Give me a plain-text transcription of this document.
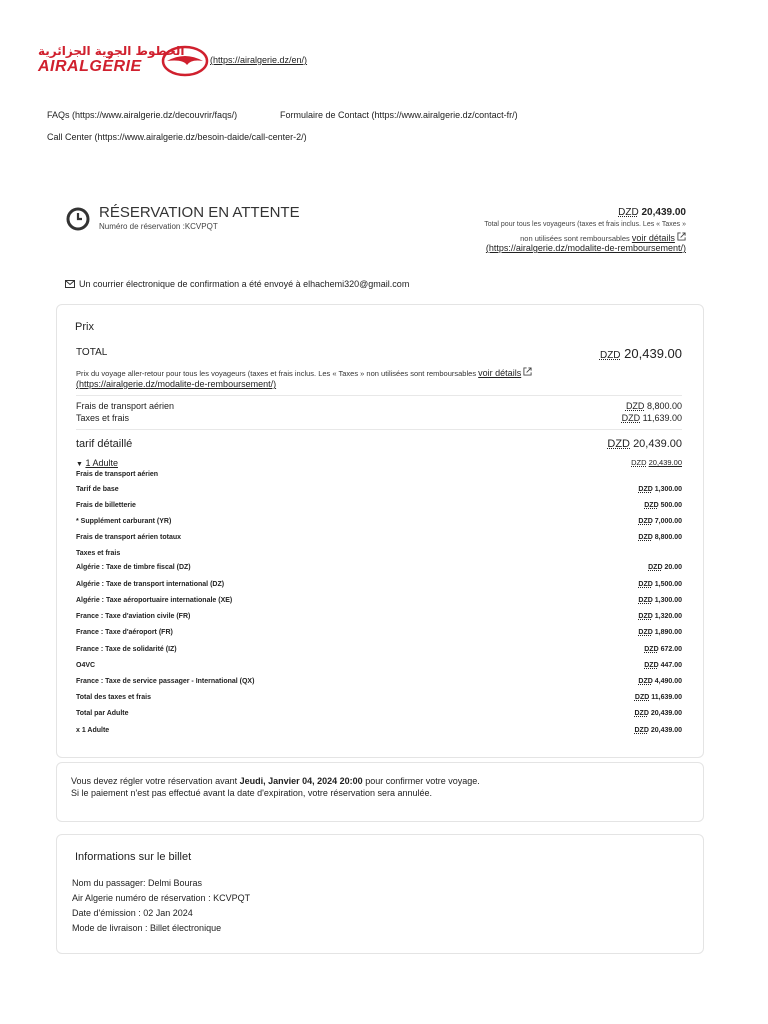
الخطوط الجوية الجزائرية
AIRALGÉRIE	(https://airalgerie.dz/en/)
FAQs (https://www.airalgerie.dz/decouvrir/faqs/)	Formulaire de Contact (https://www.airalgerie.dz/contact-fr/)
Call Center (https://www.airalgerie.dz/besoin-daide/call-center-2/)
RÉSERVATION EN ATTENTE
Numéro de réservation :KCVPQT
DZD 20,439.00
Total pour tous les voyageurs (taxes et frais inclus. Les « Taxes »
non utilisées sont remboursables voir détails
(https://airalgerie.dz/modalite-de-remboursement/)
Un courrier électronique de confirmation a été envoyé à elhachemi320@gmail.com
Prix
TOTAL	DZD 20,439.00
Prix du voyage aller-retour pour tous les voyageurs (taxes et frais inclus. Les « Taxes » non utilisées sont remboursables voir détails
(https://airalgerie.dz/modalite-de-remboursement/)
Frais de transport aérien	DZD 8,800.00
Taxes et frais	DZD 11,639.00
tarif détaillé	DZD 20,439.00
▼ 1 Adulte	DZD 20,439.00
Frais de transport aérien
Tarif de base	DZD 1,300.00
Frais de billetterie	DZD 500.00
* Supplément carburant (YR)	DZD 7,000.00
Frais de transport aérien totaux	DZD 8,800.00
Taxes et frais
Algérie : Taxe de timbre fiscal (DZ)	DZD 20.00
Algérie : Taxe de transport international (DZ)	DZD 1,500.00
Algérie : Taxe aéroportuaire internationale (XE)	DZD 1,300.00
France : Taxe d'aviation civile (FR)	DZD 1,320.00
France : Taxe d'aéroport (FR)	DZD 1,890.00
France : Taxe de solidarité (IZ)	DZD 672.00
O4VC	DZD 447.00
France : Taxe de service passager - International (QX)	DZD 4,490.00
Total des taxes et frais	DZD 11,639.00
Total par Adulte	DZD 20,439.00
x 1 Adulte	DZD 20,439.00
Vous devez régler votre réservation avant Jeudi, Janvier 04, 2024 20:00 pour confirmer votre voyage.
Si le paiement n'est pas effectué avant la date d'expiration, votre réservation sera annulée.
Informations sur le billet
Nom du passager: Delmi Bouras
Air Algerie numéro de réservation : KCVPQT
Date d'émission : 02 Jan 2024
Mode de livraison : Billet électronique
